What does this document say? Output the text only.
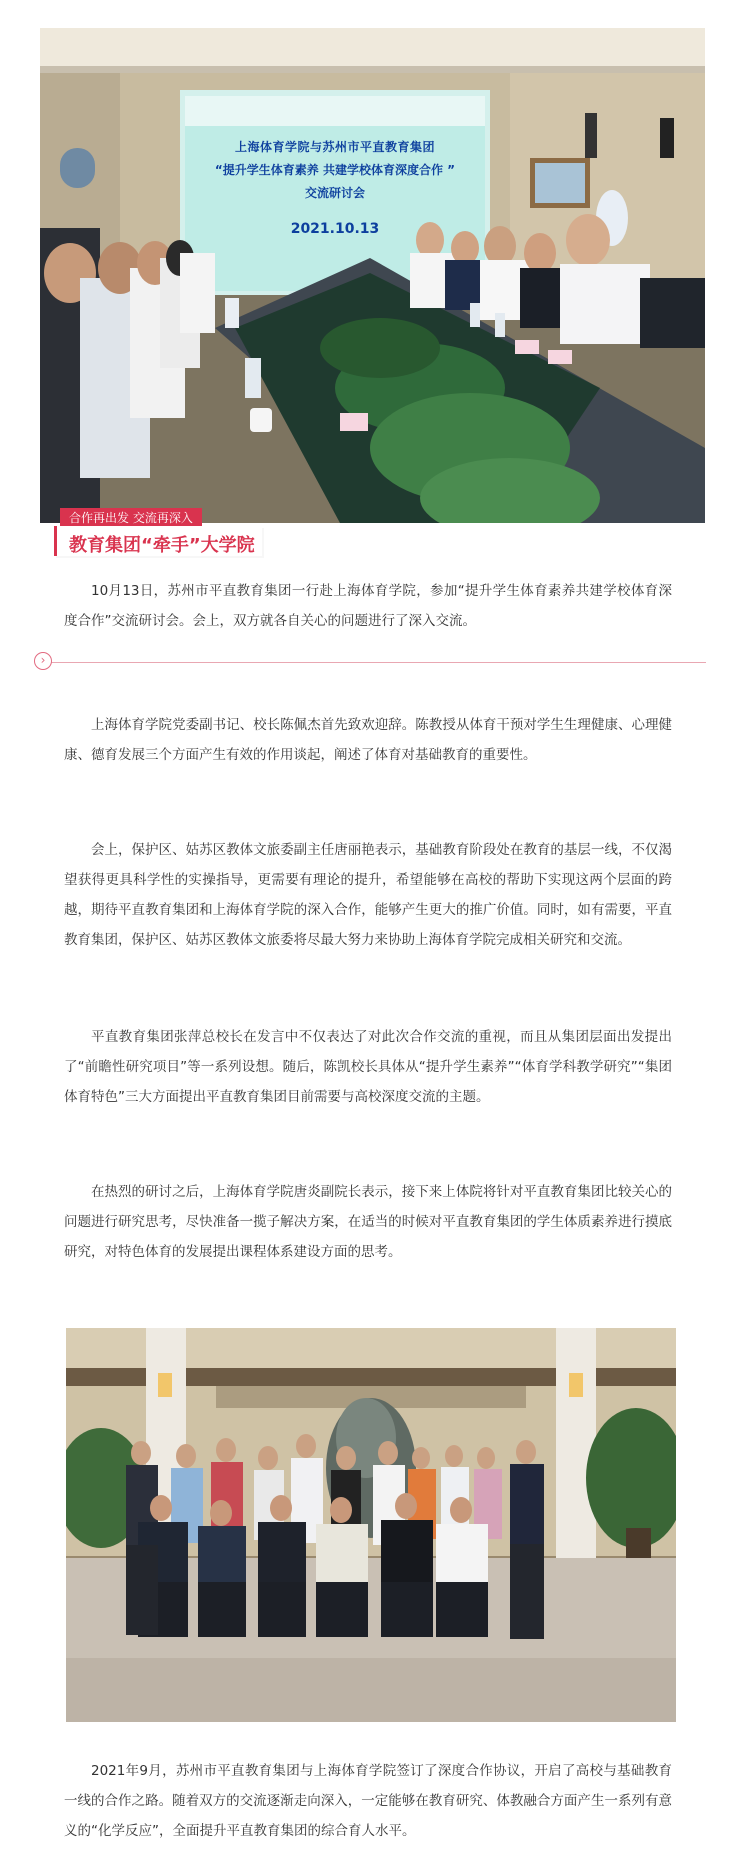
上海体育学院与苏州市平直教育集团
“提升学生体育素养 共建学校体育深度合作 ”
交流研讨会
2021.10.13
合作再出发 交流再深入
教育集团“牵手”大学院
10月13日，苏州市平直教育集团一行赴上海体育学院，参加“提升学生体育素养共建学校体育深度合作”交流研讨会。会上，双方就各自关心的问题进行了深入交流。
›
上海体育学院党委副书记、校长陈佩杰首先致欢迎辞。陈教授从体育干预对学生生理健康、心理健康、德育发展三个方面产生有效的作用谈起，阐述了体育对基础教育的重要性。
会上，保护区、姑苏区教体文旅委副主任唐丽艳表示，基础教育阶段处在教育的基层一线，不仅渴望获得更具科学性的实操指导，更需要有理论的提升，希望能够在高校的帮助下实现这两个层面的跨越，期待平直教育集团和上海体育学院的深入合作，能够产生更大的推广价值。同时，如有需要，平直教育集团，保护区、姑苏区教体文旅委将尽最大努力来协助上海体育学院完成相关研究和交流。
平直教育集团张萍总校长在发言中不仅表达了对此次合作交流的重视，而且从集团层面出发提出了“前瞻性研究项目”等一系列设想。随后，陈凯校长具体从“提升学生素养”“体育学科教学研究”“集团体育特色”三大方面提出平直教育集团目前需要与高校深度交流的主题。
在热烈的研讨之后，上海体育学院唐炎副院长表示，接下来上体院将针对平直教育集团比较关心的问题进行研究思考，尽快准备一揽子解决方案，在适当的时候对平直教育集团的学生体质素养进行摸底研究，对特色体育的发展提出课程体系建设方面的思考。
2021年9月，苏州市平直教育集团与上海体育学院签订了深度合作协议，开启了高校与基础教育一线的合作之路。随着双方的交流逐渐走向深入，一定能够在教育研究、体教融合方面产生一系列有意义的“化学反应”，全面提升平直教育集团的综合育人水平。
